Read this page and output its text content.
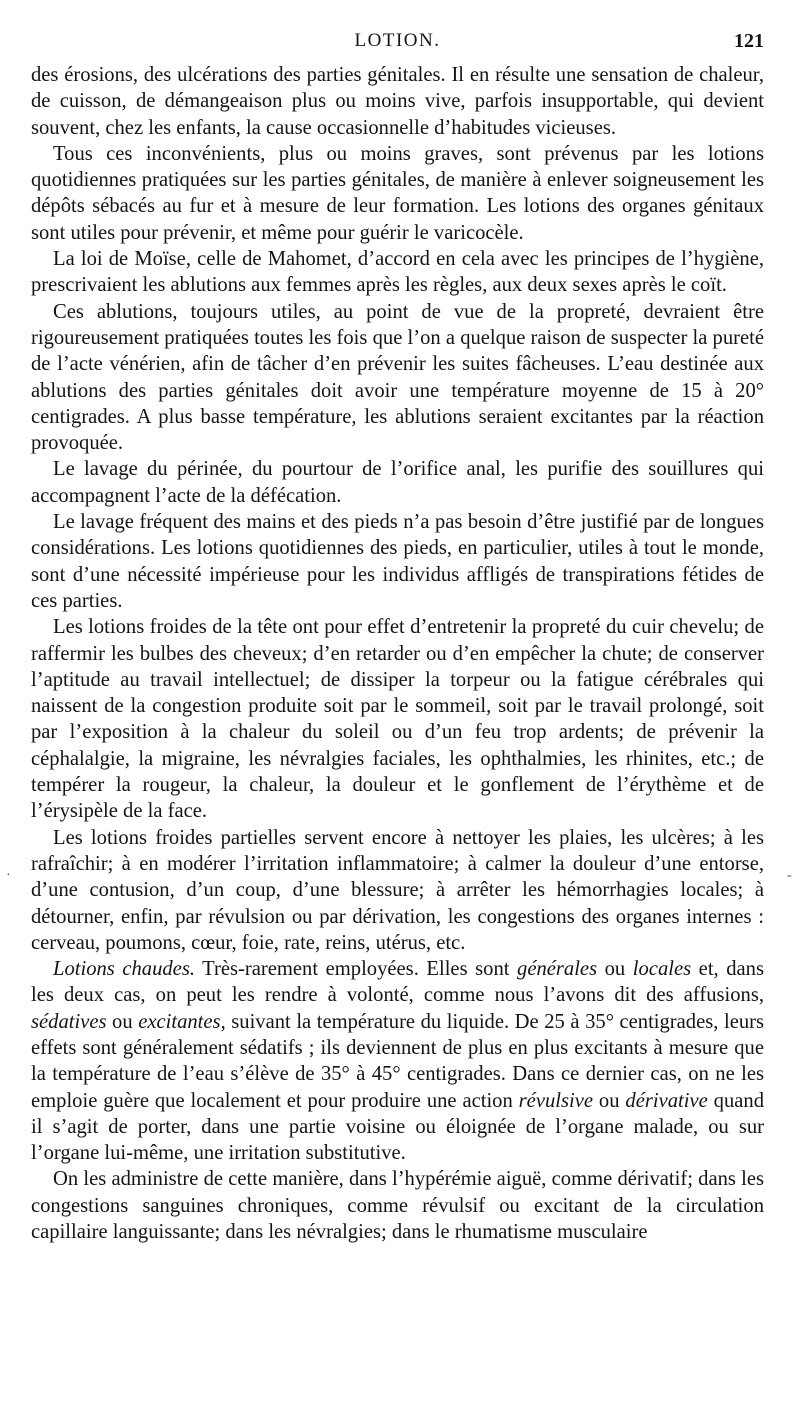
LOTION.	121

des érosions, des ulcérations des parties génitales. Il en résulte une sensation de chaleur, de cuisson, de démangeaison plus ou moins vive, parfois insupportable, qui devient souvent, chez les enfants, la cause occasionnelle d’habitudes vicieuses.

Tous ces inconvénients, plus ou moins graves, sont prévenus par les lotions quotidiennes pratiquées sur les parties génitales, de manière à enlever soigneusement les dépôts sébacés au fur et à mesure de leur formation. Les lotions des organes génitaux sont utiles pour prévenir, et même pour guérir le varicocèle.

La loi de Moïse, celle de Mahomet, d’accord en cela avec les principes de l’hygiène, prescrivaient les ablutions aux femmes après les règles, aux deux sexes après le coït.

Ces ablutions, toujours utiles, au point de vue de la propreté, devraient être rigoureusement pratiquées toutes les fois que l’on a quelque raison de suspecter la pureté de l’acte vénérien, afin de tâcher d’en prévenir les suites fâcheuses. L’eau destinée aux ablutions des parties génitales doit avoir une température moyenne de 15 à 20° centigrades. A plus basse température, les ablutions seraient excitantes par la réaction provoquée.

Le lavage du périnée, du pourtour de l’orifice anal, les purifie des souillures qui accompagnent l’acte de la défécation.

Le lavage fréquent des mains et des pieds n’a pas besoin d’être justifié par de longues considérations. Les lotions quotidiennes des pieds, en particulier, utiles à tout le monde, sont d’une nécessité impérieuse pour les individus affligés de transpirations fétides de ces parties.

Les lotions froides de la tête ont pour effet d’entretenir la propreté du cuir chevelu; de raffermir les bulbes des cheveux; d’en retarder ou d’en empêcher la chute; de conserver l’aptitude au travail intellectuel; de dissiper la torpeur ou la fatigue cérébrales qui naissent de la congestion produite soit par le sommeil, soit par le travail prolongé, soit par l’exposition à la chaleur du soleil ou d’un feu trop ardents; de prévenir la céphalalgie, la migraine, les névralgies faciales, les ophthalmies, les rhinites, etc.; de tempérer la rougeur, la chaleur, la douleur et le gonflement de l’érythème et de l’érysipèle de la face.

Les lotions froides partielles servent encore à nettoyer les plaies, les ulcères; à les rafraîchir; à en modérer l’irritation inflammatoire; à calmer la douleur d’une entorse, d’une contusion, d’un coup, d’une blessure; à arrêter les hémorrhagies locales; à détourner, enfin, par révulsion ou par dérivation, les congestions des organes internes : cerveau, poumons, cœur, foie, rate, reins, utérus, etc.

Lotions chaudes. Très-rarement employées. Elles sont générales ou locales et, dans les deux cas, on peut les rendre à volonté, comme nous l’avons dit des affusions, sédatives ou excitantes, suivant la température du liquide. De 25 à 35° centigrades, leurs effets sont généralement sédatifs ; ils deviennent de plus en plus excitants à mesure que la température de l’eau s’élève de 35° à 45° centigrades. Dans ce dernier cas, on ne les emploie guère que localement et pour produire une action révulsive ou dérivative quand il s’agit de porter, dans une partie voisine ou éloignée de l’organe malade, ou sur l’organe lui-même, une irritation substitutive.

On les administre de cette manière, dans l’hypérémie aiguë, comme dérivatif; dans les congestions sanguines chroniques, comme révulsif ou excitant de la circulation capillaire languissante; dans les névralgies; dans le rhumatisme musculaire

·	-
